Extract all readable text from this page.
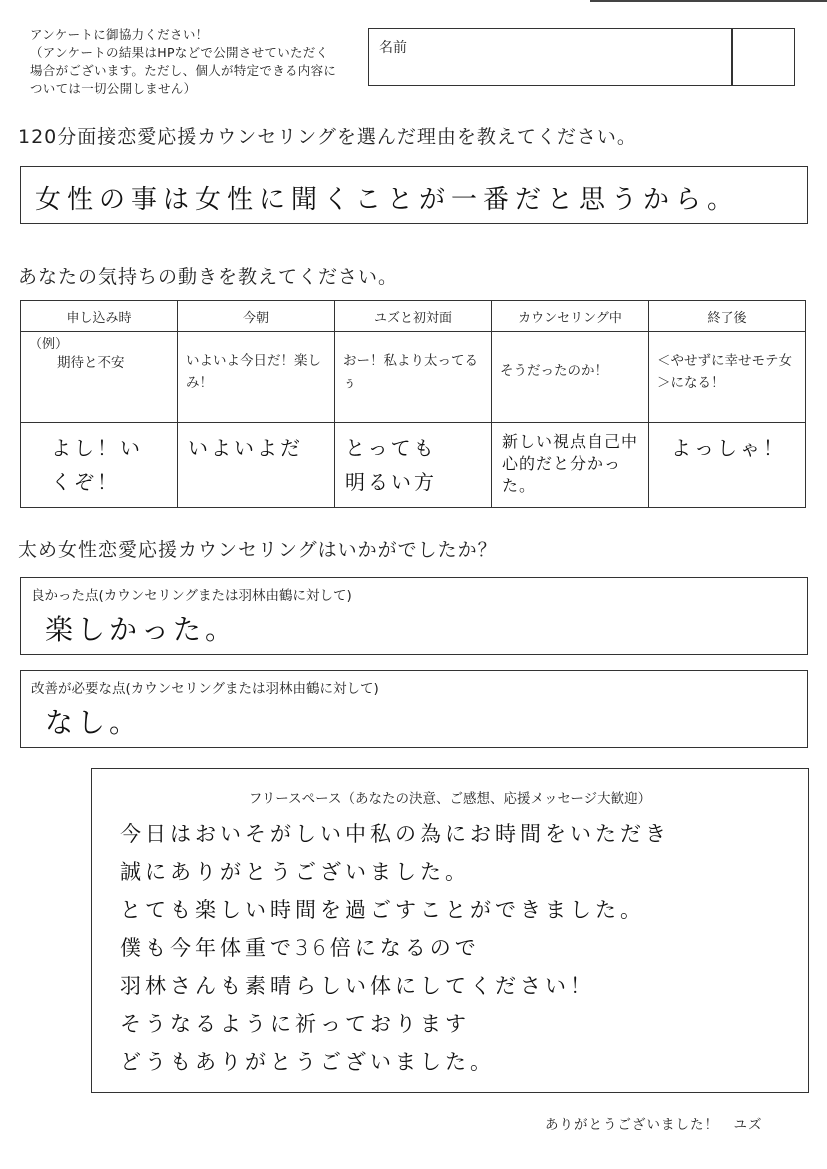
アンケートに御協力ください！
（アンケートの結果はHPなどで公開させていただく
場合がございます。ただし、個人が特定できる内容に
ついては一切公開しません）
名前
120分面接恋愛応援カウンセリングを選んだ理由を教えてください。
女性の事は女性に聞くことが一番だと思うから。
あなたの気持ちの動きを教えてください。
申し込み時	今朝	ユズと初対面	カウンセリング中	終了後

（例）
期待と不安	いよいよ今日だ！楽しみ！	おー！私より太ってるぅ	そうだったのか！	＜やせずに幸せモテ女＞になる！

よし！いくぞ！	いよいよだ	とっても明るい方	新しい視点自己中心的だと分かった。	よっしゃ！
太め女性恋愛応援カウンセリングはいかがでしたか？
良かった点(カウンセリングまたは羽林由鶴に対して)
楽しかった。
改善が必要な点(カウンセリングまたは羽林由鶴に対して)
なし。
フリースペース（あなたの決意、ご感想、応援メッセージ大歓迎）
今日はおいそがしい中私の為にお時間をいただき
誠にありがとうございました。
とても楽しい時間を過ごすことができました。
僕も今年体重で36倍になるので
羽林さんも素晴らしい体にしてください！
そうなるように祈っております
どうもありがとうございました。
ありがとうございました！　ユズ
